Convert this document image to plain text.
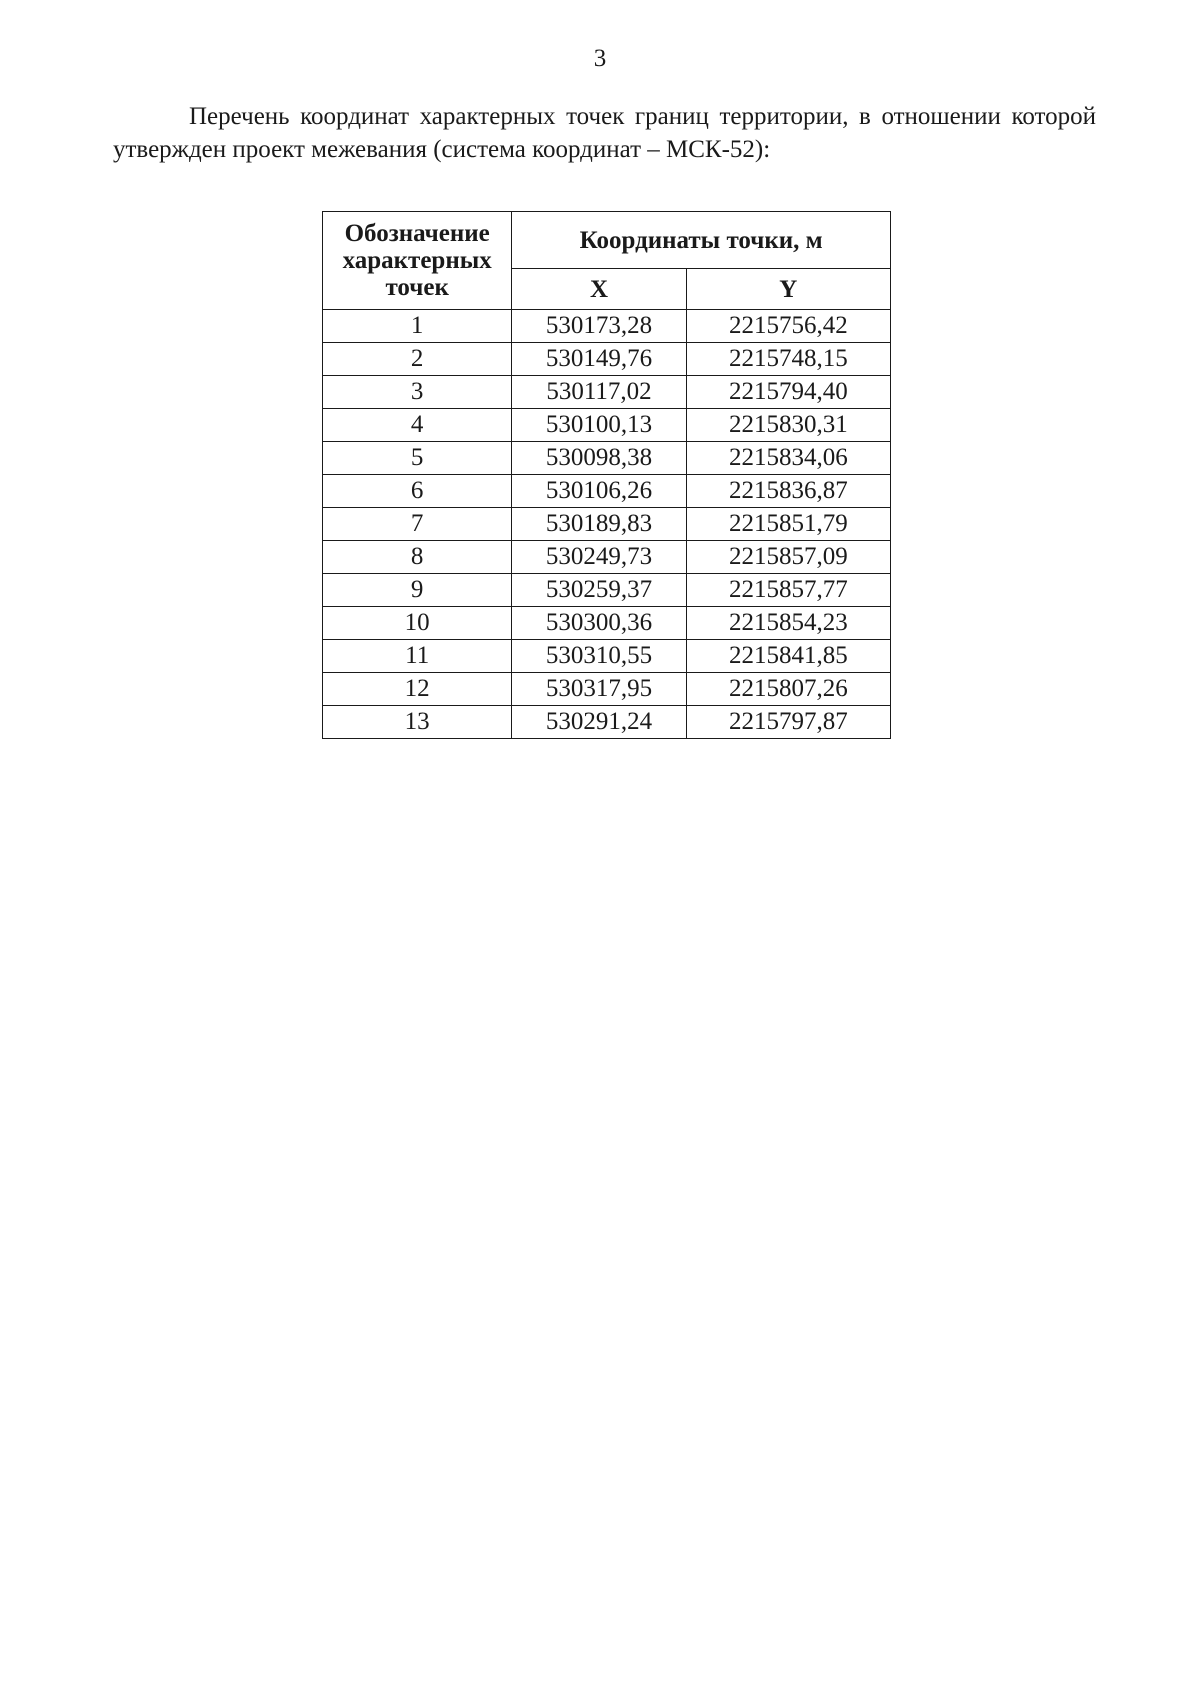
3

Перечень координат характерных точек границ территории, в отношении которой утвержден проект межевания (система координат – МСК-52):

Обозначение характерных точек	Координаты точки, м	
	X	Y
1	530173,28	2215756,42
2	530149,76	2215748,15
3	530117,02	2215794,40
4	530100,13	2215830,31
5	530098,38	2215834,06
6	530106,26	2215836,87
7	530189,83	2215851,79
8	530249,73	2215857,09
9	530259,37	2215857,77
10	530300,36	2215854,23
11	530310,55	2215841,85
12	530317,95	2215807,26
13	530291,24	2215797,87
